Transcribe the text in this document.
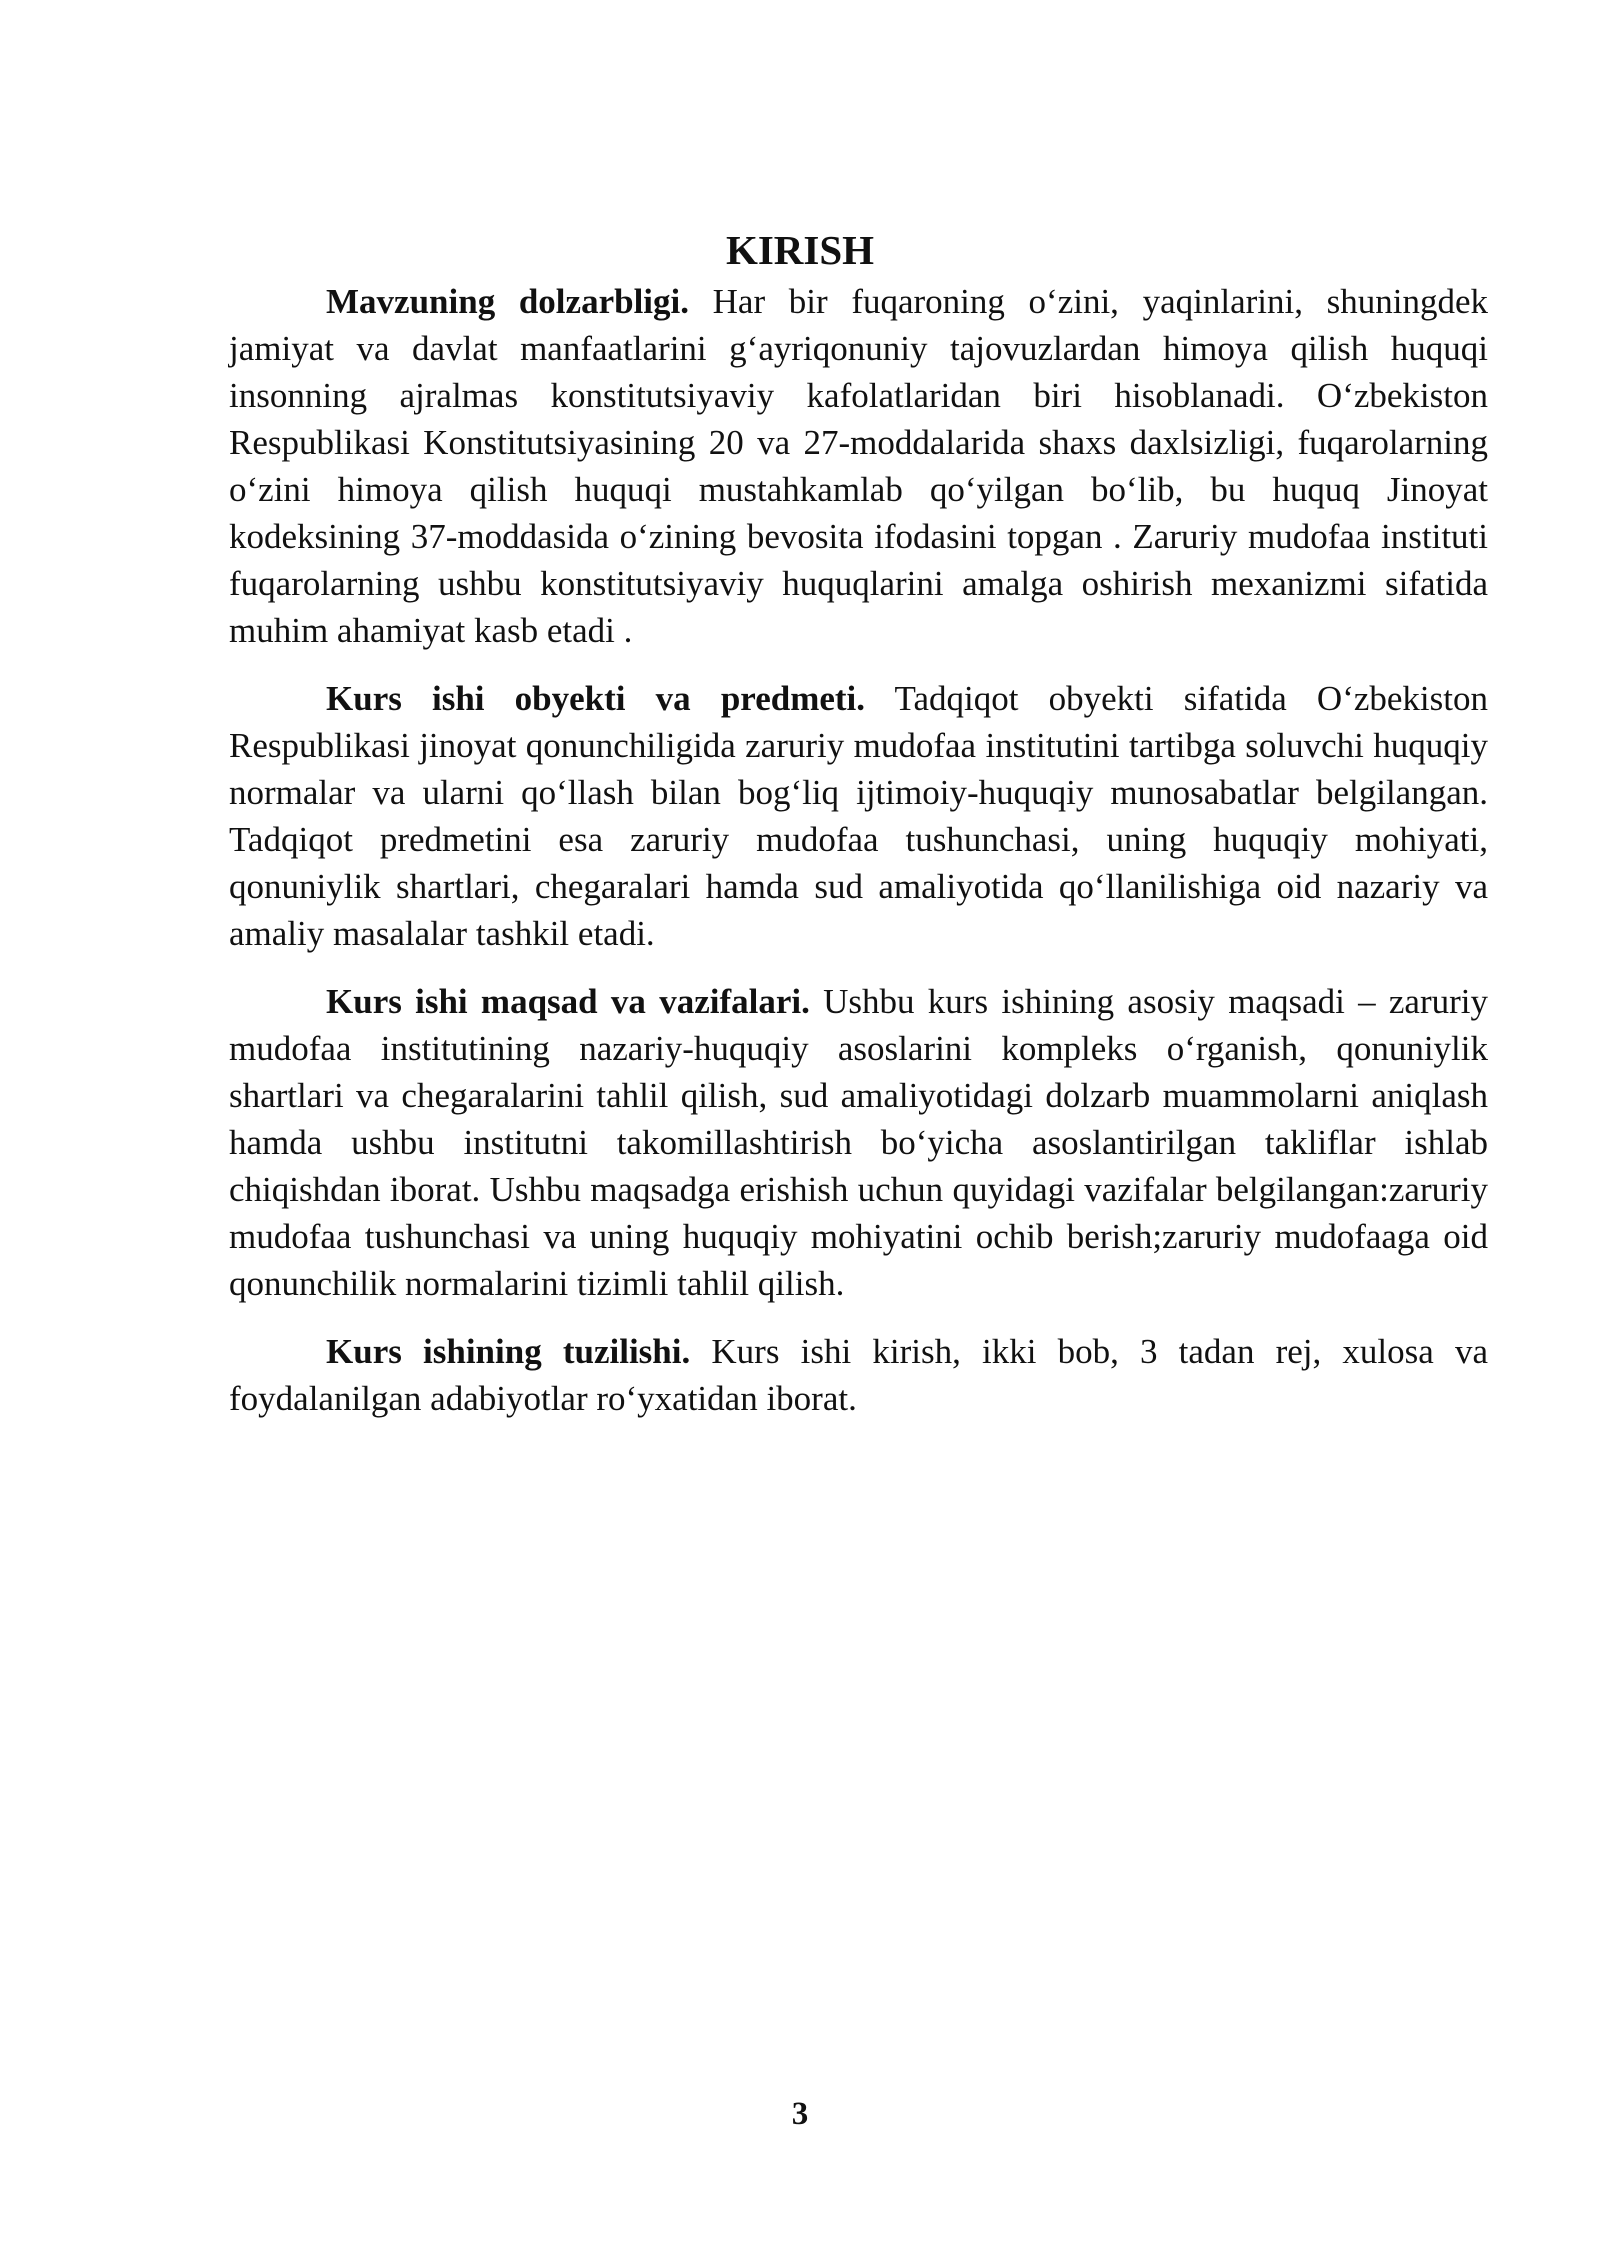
KIRISH

Mavzuning dolzarbligi. Har bir fuqaroning o‘zini, yaqinlarini, shuningdek jamiyat va davlat manfaatlarini g‘ayriqonuniy tajovuzlardan himoya qilish huquqi insonning ajralmas konstitutsiyaviy kafolatlaridan biri hisoblanadi. O‘zbekiston Respublikasi Konstitutsiyasining 20 va 27-moddalarida shaxs daxlsizligi, fuqarolarning o‘zini himoya qilish huquqi mustahkamlab qo‘yilgan bo‘lib, bu huquq Jinoyat kodeksining 37-moddasida o‘zining bevosita ifodasini topgan . Zaruriy mudofaa instituti fuqarolarning ushbu konstitutsiyaviy huquqlarini amalga oshirish mexanizmi sifatida muhim ahamiyat kasb etadi .

Kurs ishi obyekti va predmeti. Tadqiqot obyekti sifatida O‘zbekiston Respublikasi jinoyat qonunchiligida zaruriy mudofaa institutini tartibga soluvchi huquqiy normalar va ularni qo‘llash bilan bog‘liq ijtimoiy-huquqiy munosabatlar belgilangan. Tadqiqot predmetini esa zaruriy mudofaa tushunchasi, uning huquqiy mohiyati, qonuniylik shartlari, chegaralari hamda sud amaliyotida qo‘llanilishiga oid nazariy va amaliy masalalar tashkil etadi.

Kurs ishi maqsad va vazifalari. Ushbu kurs ishining asosiy maqsadi – zaruriy mudofaa institutining nazariy-huquqiy asoslarini kompleks o‘rganish, qonuniylik shartlari va chegaralarini tahlil qilish, sud amaliyotidagi dolzarb muammolarni aniqlash hamda ushbu institutni takomillashtirish bo‘yicha asoslantirilgan takliflar ishlab chiqishdan iborat. Ushbu maqsadga erishish uchun quyidagi vazifalar belgilangan:zaruriy mudofaa tushunchasi va uning huquqiy mohiyatini ochib berish;zaruriy mudofaaga oid qonunchilik normalarini tizimli tahlil qilish.

Kurs ishining tuzilishi. Kurs ishi kirish, ikki bob, 3 tadan rej, xulosa va foydalanilgan adabiyotlar ro‘yxatidan iborat.

3
